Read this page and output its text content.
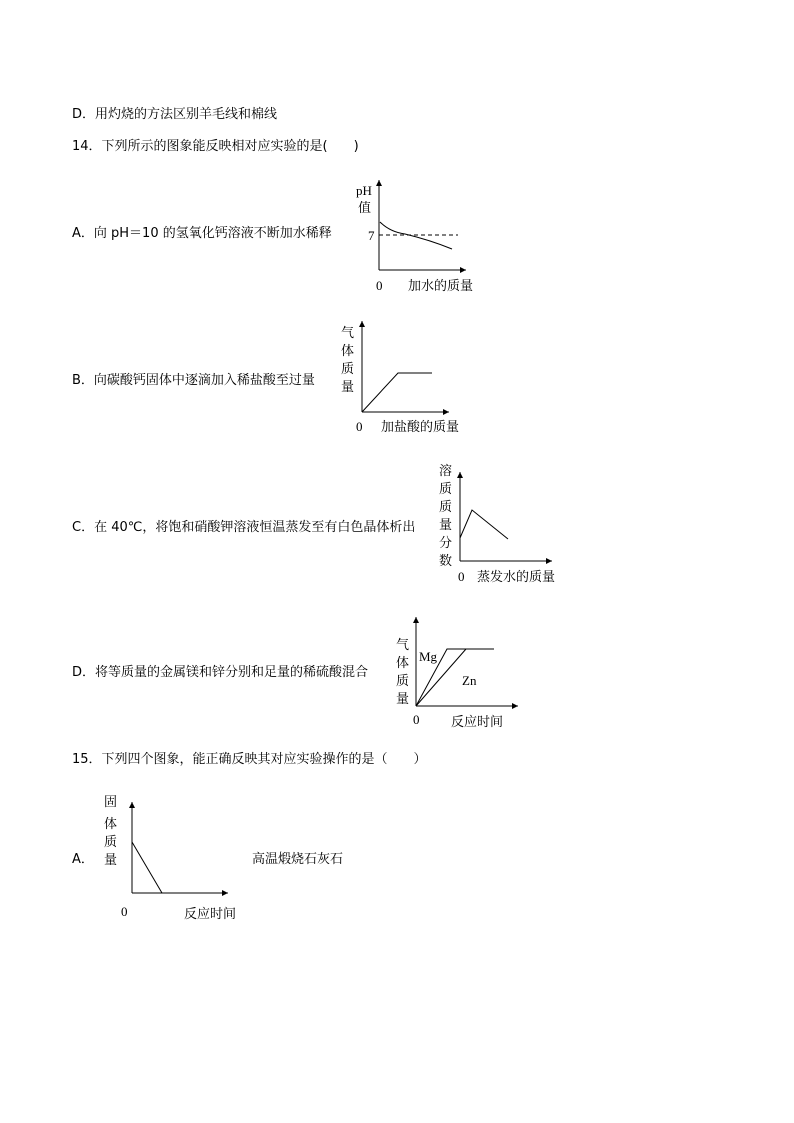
D．用灼烧的方法区别羊毛线和棉线
14．下列所示的图象能反映相对应实验的是(　　)
A．向 pH＝10 的氢氧化钙溶液不断加水稀释
pH
值
7
0 加水的质量
B．向碳酸钙固体中逐滴加入稀盐酸至过量
气
体
质
量
0 加盐酸的质量
C．在 40℃，将饱和硝酸钾溶液恒温蒸发至有白色晶体析出
溶
质
质
量
分
数
0 蒸发水的质量
D．将等质量的金属镁和锌分别和足量的稀硫酸混合
气
体
质
量
Mg
Zn
0 反应时间
15．下列四个图象，能正确反映其对应实验操作的是（　　）
A．	高温煅烧石灰石
固
体
质
量
0	反应时间
